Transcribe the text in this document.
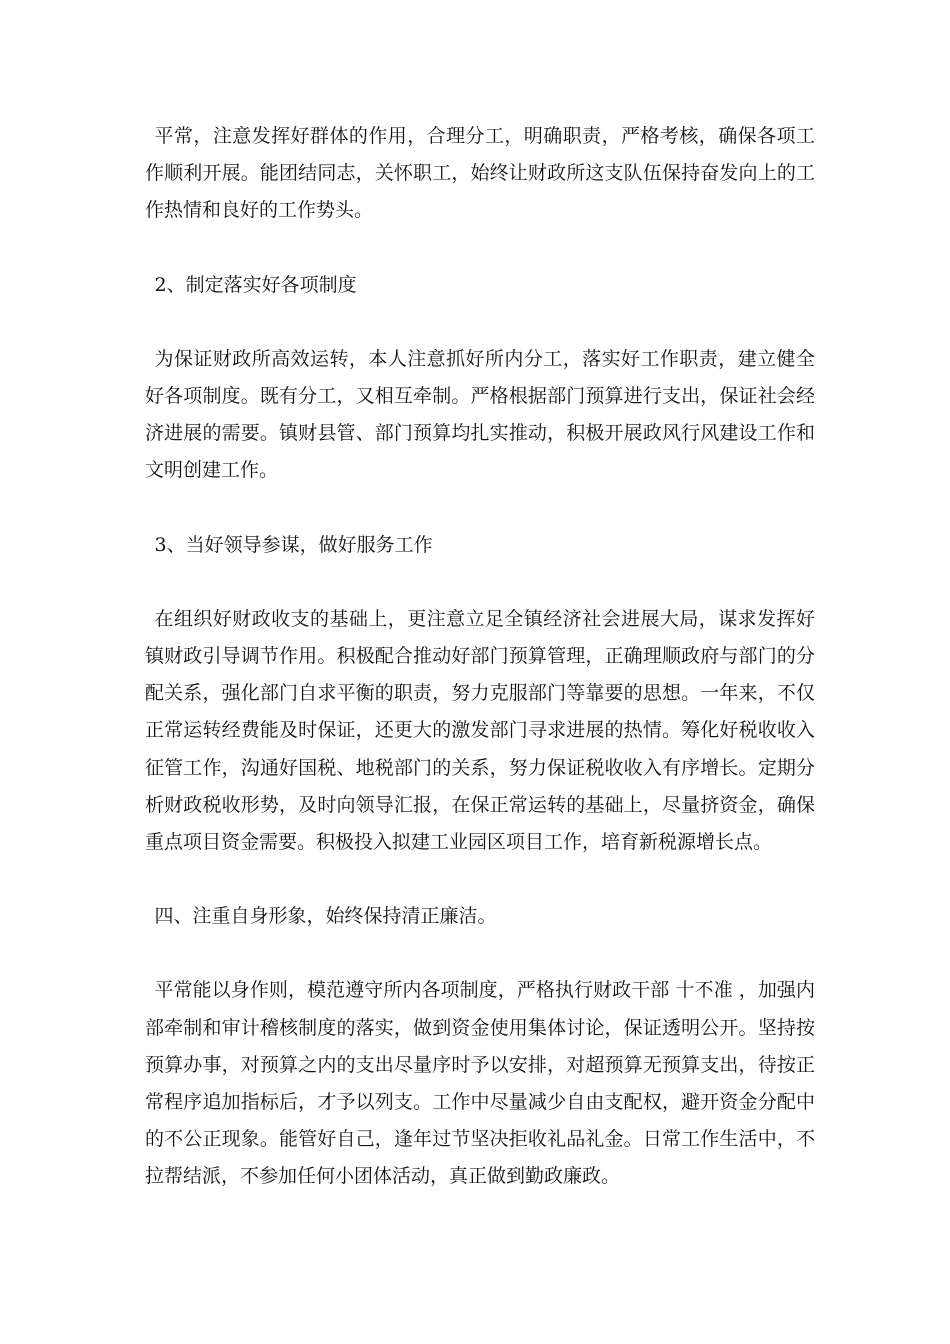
平常，注意发挥好群体的作用，合理分工，明确职责，严格考核，确保各项工作顺利开展。能团结同志，关怀职工，始终让财政所这支队伍保持奋发向上的工作热情和良好的工作势头。

2、制定落实好各项制度

为保证财政所高效运转，本人注意抓好所内分工，落实好工作职责，建立健全好各项制度。既有分工，又相互牵制。严格根据部门预算进行支出，保证社会经济进展的需要。镇财县管、部门预算均扎实推动，积极开展政风行风建设工作和文明创建工作。

3、当好领导参谋，做好服务工作

在组织好财政收支的基础上，更注意立足全镇经济社会进展大局，谋求发挥好镇财政引导调节作用。积极配合推动好部门预算管理，正确理顺政府与部门的分配关系，强化部门自求平衡的职责，努力克服部门等靠要的思想。一年来，不仅正常运转经费能及时保证，还更大的激发部门寻求进展的热情。筹化好税收收入征管工作，沟通好国税、地税部门的关系，努力保证税收收入有序增长。定期分析财政税收形势，及时向领导汇报，在保正常运转的基础上，尽量挤资金，确保重点项目资金需要。积极投入拟建工业园区项目工作，培育新税源增长点。

四、注重自身形象，始终保持清正廉洁。

平常能以身作则，模范遵守所内各项制度，严格执行财政干部 十不准 ，加强内部牵制和审计稽核制度的落实，做到资金使用集体讨论，保证透明公开。坚持按预算办事，对预算之内的支出尽量序时予以安排，对超预算无预算支出，待按正常程序追加指标后，才予以列支。工作中尽量减少自由支配权，避开资金分配中的不公正现象。能管好自己，逢年过节坚决拒收礼品礼金。日常工作生活中，不拉帮结派，不参加任何小团体活动，真正做到勤政廉政。
